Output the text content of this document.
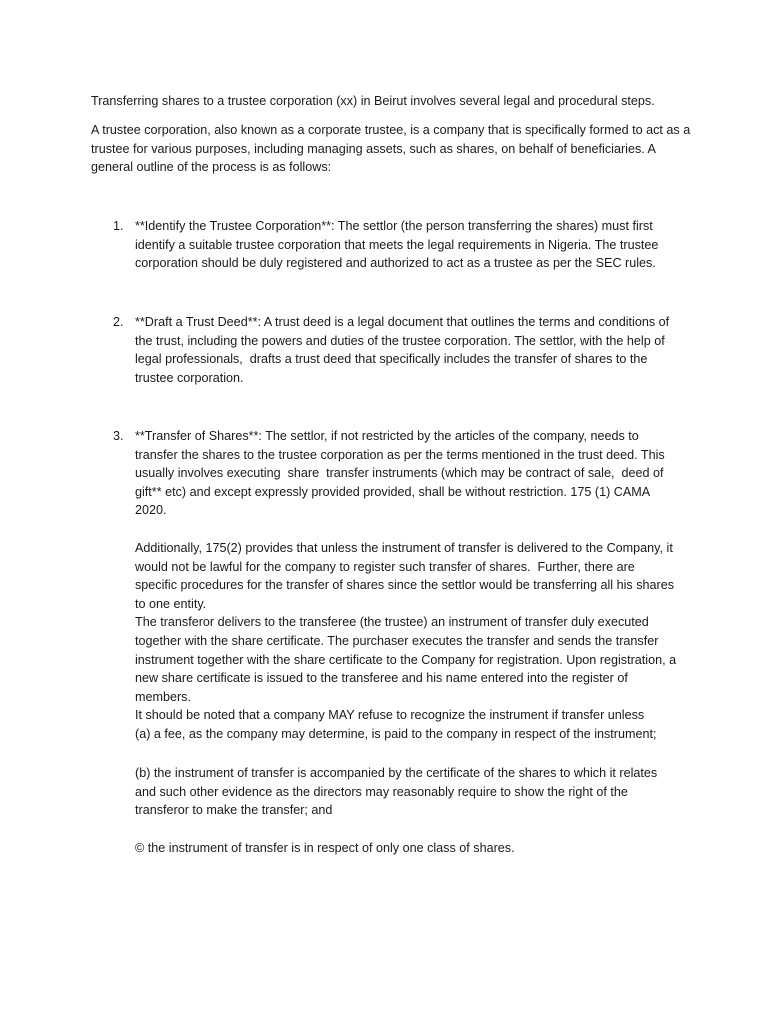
Transferring shares to a trustee corporation (xx) in Beirut involves several legal and procedural steps.

A trustee corporation, also known as a corporate trustee, is a company that is specifically formed to act as a trustee for various purposes, including managing assets, such as shares, on behalf of beneficiaries. A general outline of the process is as follows:

1. **Identify the Trustee Corporation**: The settlor (the person transferring the shares) must first identify a suitable trustee corporation that meets the legal requirements in Nigeria. The trustee corporation should be duly registered and authorized to act as a trustee as per the SEC rules.

2. **Draft a Trust Deed**: A trust deed is a legal document that outlines the terms and conditions of the trust, including the powers and duties of the trustee corporation. The settlor, with the help of legal professionals,  drafts a trust deed that specifically includes the transfer of shares to the trustee corporation.

3. **Transfer of Shares**: The settlor, if not restricted by the articles of the company, needs to transfer the shares to the trustee corporation as per the terms mentioned in the trust deed. This usually involves executing  share  transfer instruments (which may be contract of sale,  deed of gift** etc) and except expressly provided provided, shall be without restriction. 175 (1) CAMA 2020.

Additionally, 175(2) provides that unless the instrument of transfer is delivered to the Company, it would not be lawful for the company to register such transfer of shares.  Further, there are specific procedures for the transfer of shares since the settlor would be transferring all his shares to one entity.
The transferor delivers to the transferee (the trustee) an instrument of transfer duly executed together with the share certificate. The purchaser executes the transfer and sends the transfer instrument together with the share certificate to the Company for registration. Upon registration, a new share certificate is issued to the transferee and his name entered into the register of members.
It should be noted that a company MAY refuse to recognize the instrument if transfer unless
(a) a fee, as the company may determine, is paid to the company in respect of the instrument;

(b) the instrument of transfer is accompanied by the certificate of the shares to which it relates and such other evidence as the directors may reasonably require to show the right of the transferor to make the transfer; and

© the instrument of transfer is in respect of only one class of shares.
